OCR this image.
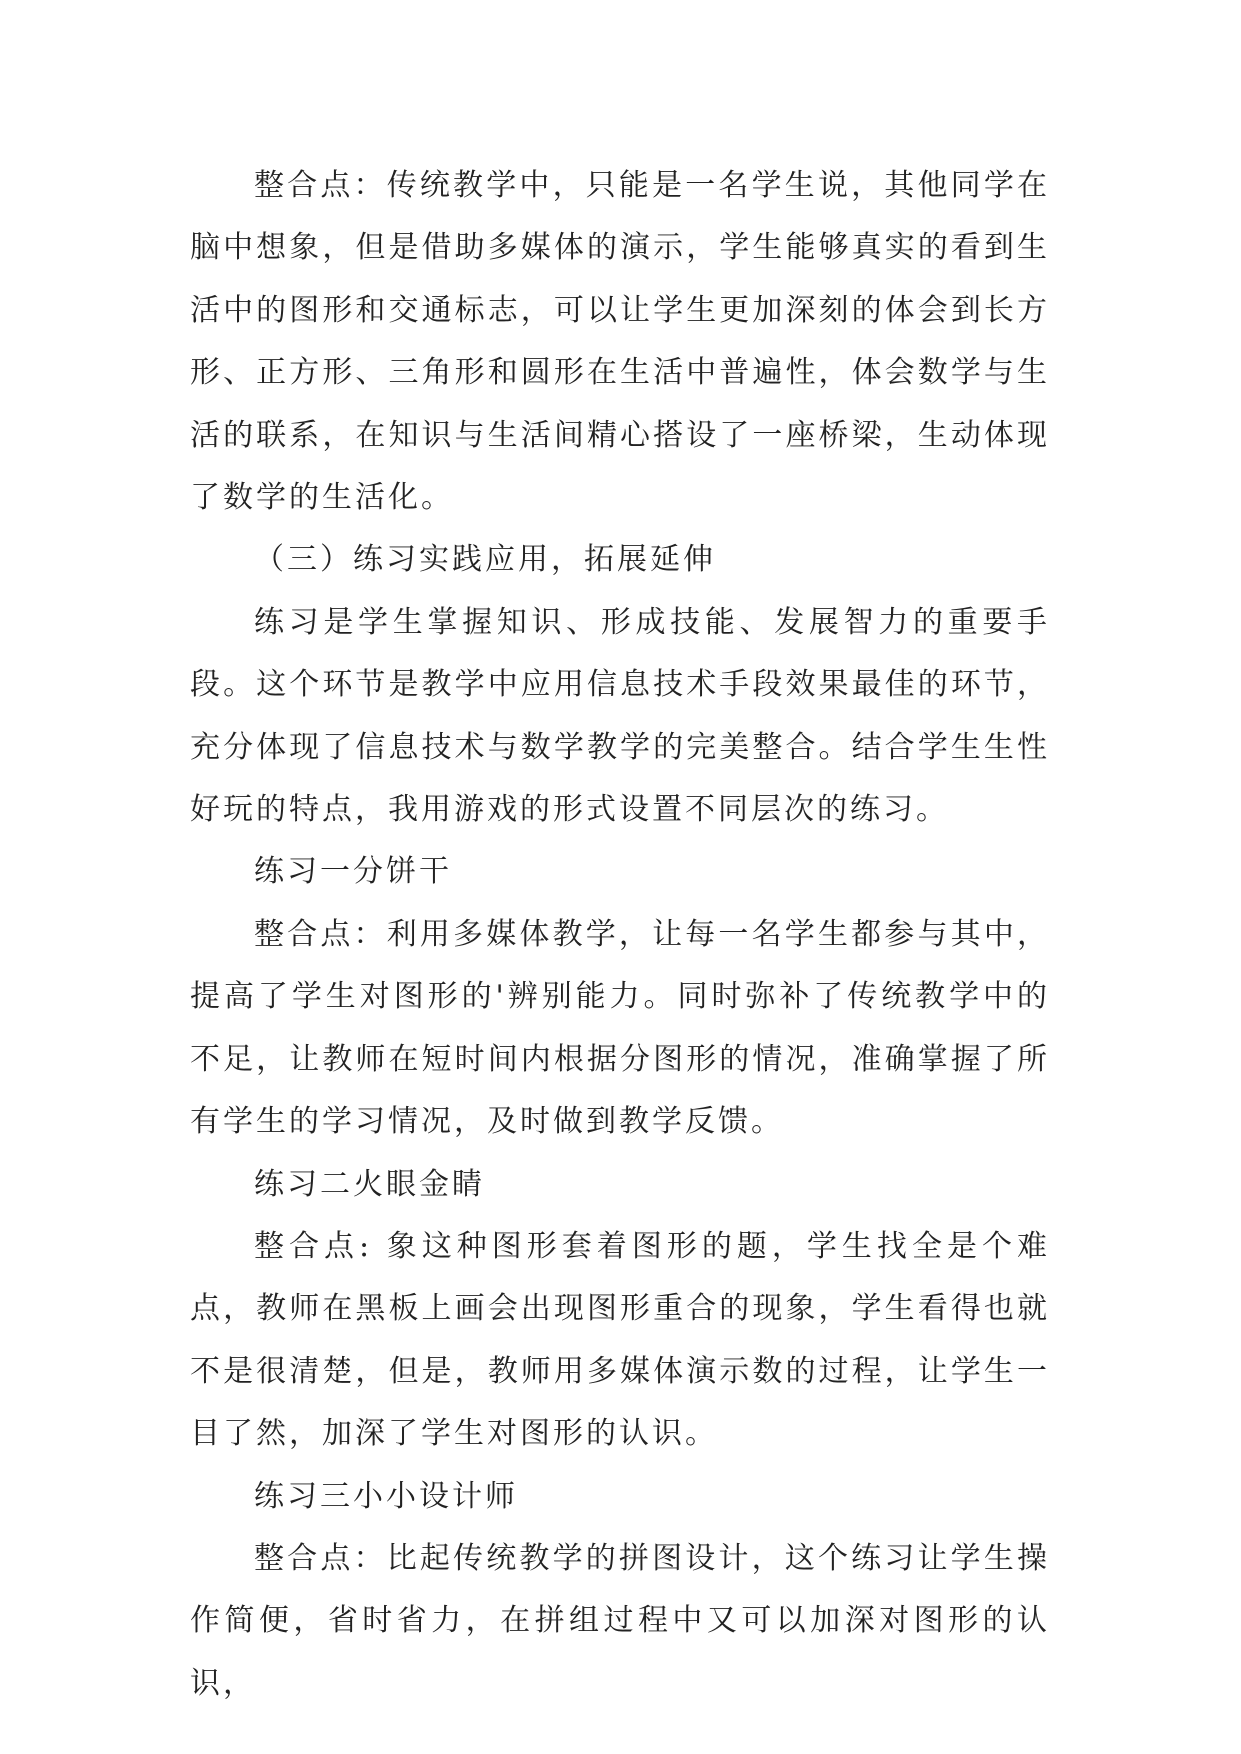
整合点：传统教学中，只能是一名学生说，其他同学在脑中想象，但是借助多媒体的演示，学生能够真实的看到生活中的图形和交通标志，可以让学生更加深刻的体会到长方形、正方形、三角形和圆形在生活中普遍性，体会数学与生活的联系，在知识与生活间精心搭设了一座桥梁，生动体现了数学的生活化。

（三）练习实践应用，拓展延伸

练习是学生掌握知识、形成技能、发展智力的重要手段。这个环节是教学中应用信息技术手段效果最佳的环节，充分体现了信息技术与数学教学的完美整合。结合学生生性好玩的特点，我用游戏的形式设置不同层次的练习。

练习一分饼干

整合点：利用多媒体教学，让每一名学生都参与其中，提高了学生对图形的'辨别能力。同时弥补了传统教学中的不足，让教师在短时间内根据分图形的情况，准确掌握了所有学生的学习情况，及时做到教学反馈。

练习二火眼金睛

整合点: 象这种图形套着图形的题，学生找全是个难点，教师在黑板上画会出现图形重合的现象，学生看得也就不是很清楚，但是，教师用多媒体演示数的过程，让学生一目了然，加深了学生对图形的认识。

练习三小小设计师

整合点：比起传统教学的拼图设计，这个练习让学生操作简便，省时省力，在拼组过程中又可以加深对图形的认识，
